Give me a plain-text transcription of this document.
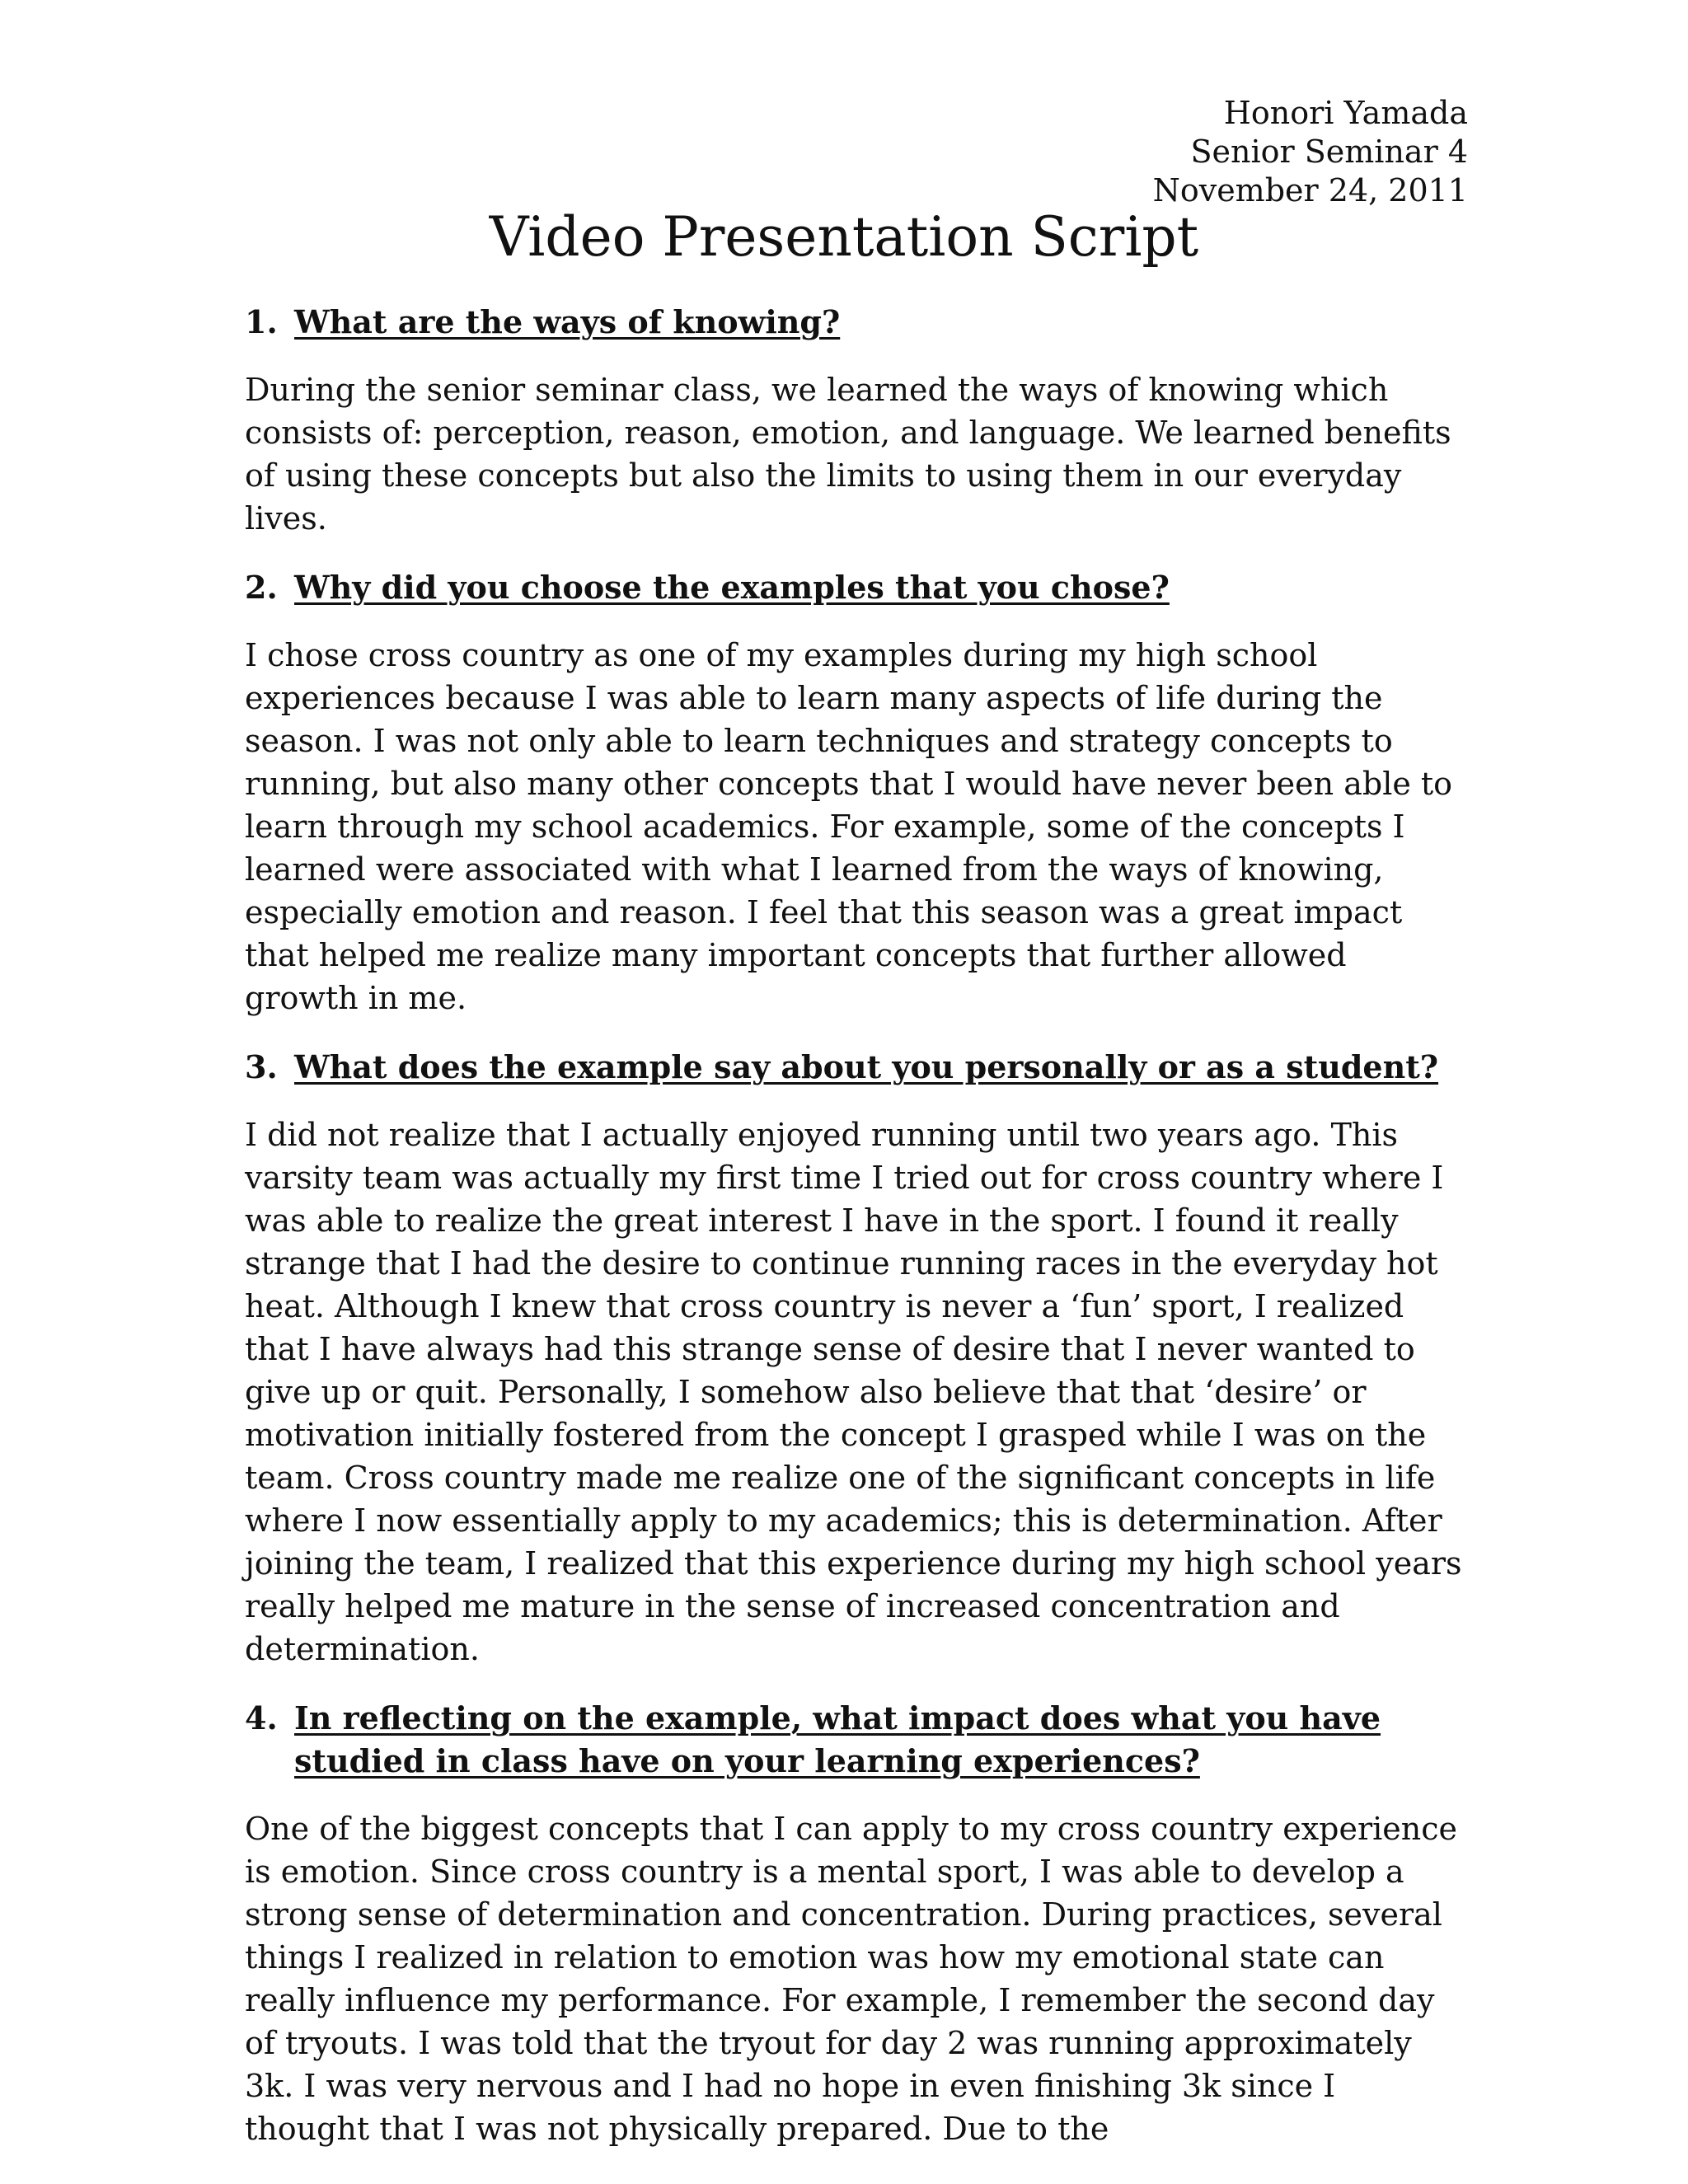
Honori Yamada
Senior Seminar 4
November 24, 2011
Video Presentation Script
1. What are the ways of knowing?

During the senior seminar class, we learned the ways of knowing which consists of: perception, reason, emotion, and language. We learned benefits of using these concepts but also the limits to using them in our everyday lives.

2. Why did you choose the examples that you chose?

I chose cross country as one of my examples during my high school experiences because I was able to learn many aspects of life during the season. I was not only able to learn techniques and strategy concepts to running, but also many other concepts that I would have never been able to learn through my school academics. For example, some of the concepts I learned were associated with what I learned from the ways of knowing, especially emotion and reason. I feel that this season was a great impact that helped me realize many important concepts that further allowed growth in me.

3. What does the example say about you personally or as a student?

I did not realize that I actually enjoyed running until two years ago. This varsity team was actually my first time I tried out for cross country where I was able to realize the great interest I have in the sport. I found it really strange that I had the desire to continue running races in the everyday hot heat. Although I knew that cross country is never a ‘fun’ sport, I realized that I have always had this strange sense of desire that I never wanted to give up or quit. Personally, I somehow also believe that that ‘desire’ or motivation initially fostered from the concept I grasped while I was on the team. Cross country made me realize one of the significant concepts in life where I now essentially apply to my academics; this is determination. After joining the team, I realized that this experience during my high school years really helped me mature in the sense of increased concentration and determination.

4. In reflecting on the example, what impact does what you have studied in class have on your learning experiences?

One of the biggest concepts that I can apply to my cross country experience is emotion. Since cross country is a mental sport, I was able to develop a strong sense of determination and concentration. During practices, several things I realized in relation to emotion was how my emotional state can really influence my performance. For example, I remember the second day of tryouts. I was told that the tryout for day 2 was running approximately 3k. I was very nervous and I had no hope in even finishing 3k since I thought that I was not physically prepared. Due to the
